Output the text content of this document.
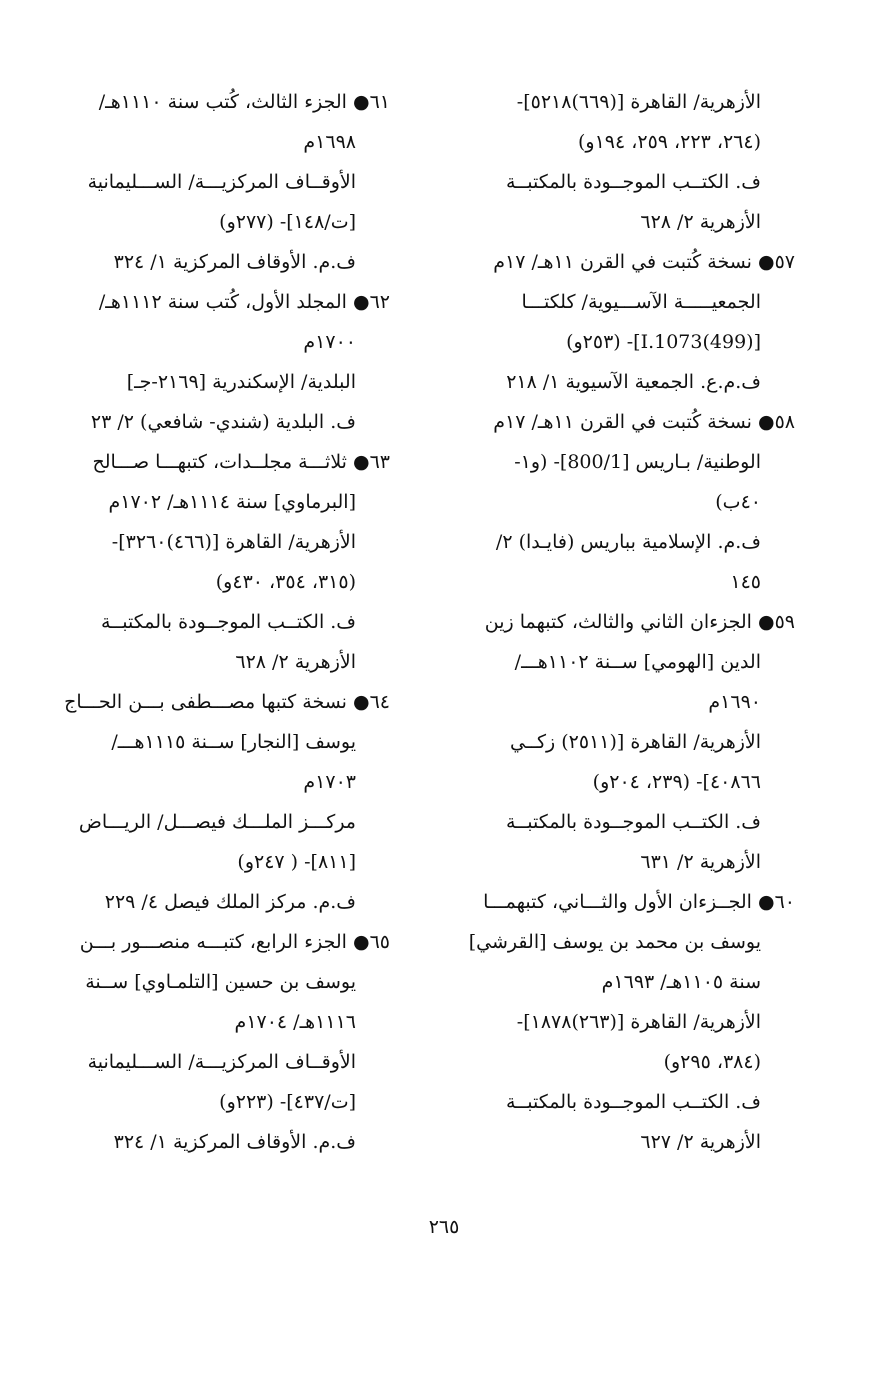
الأزهرية/ القاهرة [(٦٦٩)٥٢١٨]-
(٢٦٤، ٢٢٣، ٢٥٩، ١٩٤و)
ف. الكتــب الموجــودة بالمكتبــة
الأزهرية ٢/ ٦٢٨
٥٧● نسخة كُتبت في القرن ١١هـ/ ١٧م
الجمعيـــــة الآســـيوية/ كلكتـــا
[I.1073(499)]- (٢٥٣و)
ف.م.ع. الجمعية الآسيوية ١/ ٢١٨
٥٨● نسخة كُتبت في القرن ١١هـ/ ١٧م
الوطنية/ بـاريس [800/1]- (و١-
٤٠ب)
ف.م. الإسلامية بباريس (فايـدا) ٢/
١٤٥
٥٩● الجزءان الثاني والثالث، كتبهما زين
الدين [الهومي] ســنة ١١٠٢هـــ/
١٦٩٠م
الأزهرية/ القاهرة [(٢٥١١) زكــي
٤٠٨٦٦]- (٢٣٩، ٢٠٤و)
ف. الكتــب الموجــودة بالمكتبــة
الأزهرية ٢/ ٦٣١
٦٠● الجــزءان الأول والثـــاني، كتبهمـــا
يوسف بن محمد بن يوسف [القرشي]
سنة ١١٠٥هـ/ ١٦٩٣م
الأزهرية/ القاهرة [(٢٦٣)١٨٧٨]-
(٣٨٤، ٢٩٥و)
ف. الكتــب الموجــودة بالمكتبــة
الأزهرية ٢/ ٦٢٧
٦١● الجزء الثالث، كُتب سنة ١١١٠هـ/
١٦٩٨م
الأوقــاف المركزيـــة/ الســـليمانية
[ت/١٤٨]- (٢٧٧و)
ف.م. الأوقاف المركزية ١/ ٣٢٤
٦٢● المجلد الأول، كُتب سنة ١١١٢هـ/
١٧٠٠م
البلدية/ الإسكندرية [٢١٦٩-جـ]
ف. البلدية (شندي- شافعي) ٢/ ٢٣
٦٣● ثلاثـــة مجلــدات، كتبهـــا صـــالح
[البرماوي] سنة ١١١٤هـ/ ١٧٠٢م
الأزهرية/ القاهرة [(٤٦٦)٣٢٦٠]-
(٣١٥، ٣٥٤، ٤٣٠و)
ف. الكتــب الموجــودة بالمكتبــة
الأزهرية ٢/ ٦٢٨
٦٤● نسخة كتبها مصـــطفى بـــن الحـــاج
يوسف [النجار] ســنة ١١١٥هـــ/
١٧٠٣م
مركـــز الملـــك فيصـــل/ الريـــاض
[٨١١]- ( ٢٤٧و)
ف.م. مركز الملك فيصل ٤/ ٢٢٩
٦٥● الجزء الرابع، كتبـــه منصـــور بـــن
يوسف بن حسين [التلمـاوي] ســنة
١١١٦هـ/ ١٧٠٤م
الأوقــاف المركزيـــة/ الســـليمانية
[ت/٤٣٧]- (٢٢٣و)
ف.م. الأوقاف المركزية ١/ ٣٢٤
٢٦٥
